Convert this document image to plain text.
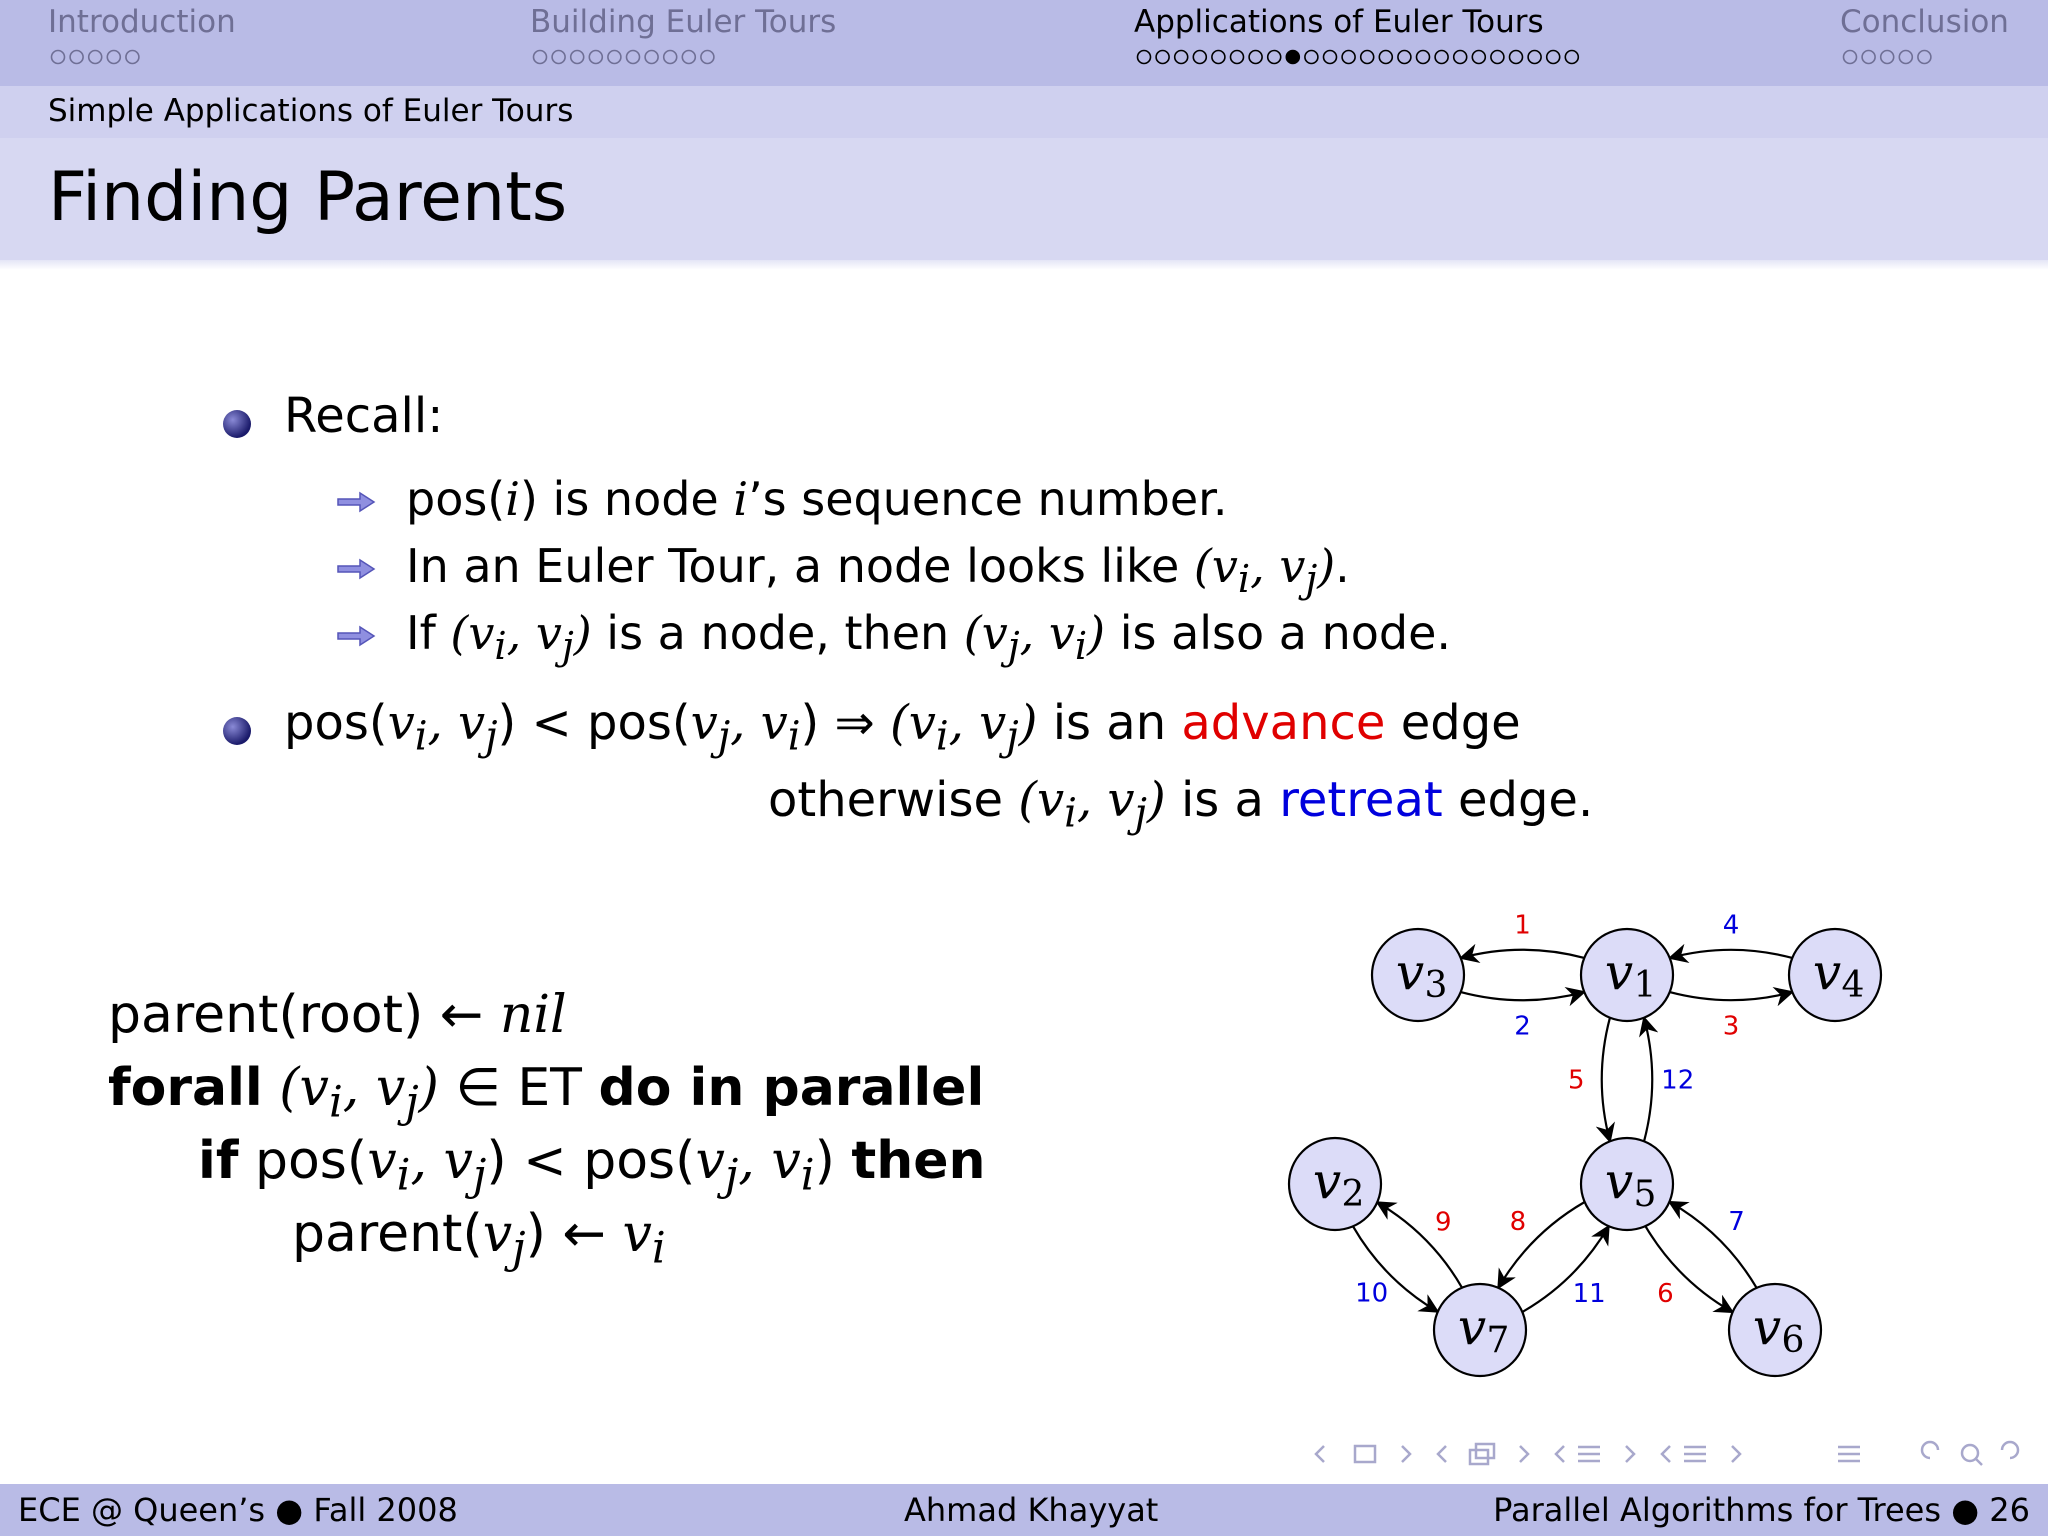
Introduction	Building Euler Tours	Applications of Euler Tours	Conclusion
Simple Applications of Euler Tours
Finding Parents
Recall:
pos(i) is node i’s sequence number.
In an Euler Tour, a node looks like ($v_i$, $v_j$).
If ($v_i$, $v_j$) is a node, then ($v_j$, $v_i$) is also a node.
$pos(v_i$, $v_j) < pos(v_j$, $v_i$) ⇒ ($v_i$, $v_j$) is an advance edge
otherwise ($v_i$, $v_j$) is a retreat edge.
parent(root) ← nil
forall ($v_i$, $v_j$) ∈ ET do in parallel
if $pos(v_i$, $v_j) < pos(v_j$, $v_i$) then
$parent(v_j)$ ← $v_i$
1
2	3
4
5
6
7
8
9
10	11
12
v 3	v 1	v 4
v 5
v 2
v 7	v 6
ECE @ Queen’s ● Fall 2008	Ahmad Khayyat	Parallel Algorithms for Trees ● 26
